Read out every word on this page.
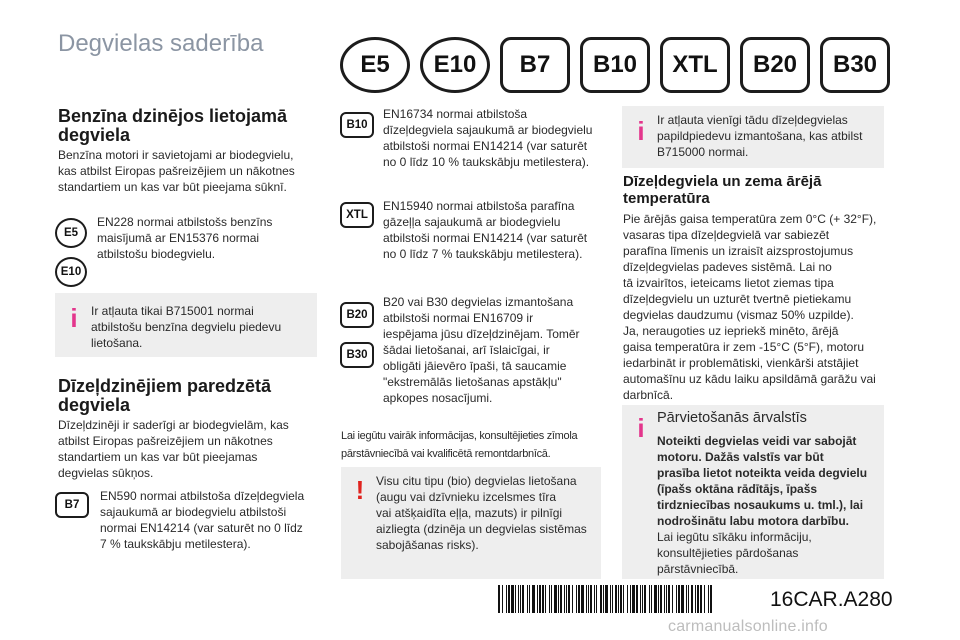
Degvielas saderība
E5	E10	B7	B10	XTL	B20	B30
Benzīna dzinējos lietojamā
degviela
Benzīna motori ir savietojami ar biodegvielu,
kas atbilst Eiropas pašreizējiem un nākotnes
standartiem un kas var būt pieejama sūknī.
E5
E10
EN228 normai atbilstošs benzīns
maisījumā ar EN15376 normai
atbilstošu biodegvielu.
i Ir atļauta tikai B715001 normai
atbilstošu benzīna degvielu piedevu
lietošana.
Dīzeļdzinējiem paredzētā
degviela
Dīzeļdzinēji ir saderīgi ar biodegvielām, kas
atbilst Eiropas pašreizējiem un nākotnes
standartiem un kas var būt pieejamas
degvielas sūkņos.
B7
EN590 normai atbilstoša dīzeļdegviela
sajaukumā ar biodegvielu atbilstoši
normai EN14214 (var saturēt no 0 līdz
7 % taukskābju metilestera).
B10
EN16734 normai atbilstoša
dīzeļdegviela sajaukumā ar biodegvielu
atbilstoši normai EN14214 (var saturēt
no 0 līdz 10 % taukskābju metilestera).
XTL
EN15940 normai atbilstoša parafīna
gāzeļļa sajaukumā ar biodegvielu
atbilstoši normai EN14214 (var saturēt
no 0 līdz 7 % taukskābju metilestera).
B20
B30
B20 vai B30 degvielas izmantošana
atbilstoši normai EN16709 ir
iespējama jūsu dīzeļdzinējam. Tomēr
šādai lietošanai, arī īslaicīgai, ir
obligāti jāievēro īpaši, tā saucamie
"ekstremālās lietošanas apstākļu"
apkopes nosacījumi.
Lai iegūtu vairāk informācijas, konsultējieties zīmola
pārstāvniecībā vai kvalificētā remontdarbnīcā.
! Visu citu tipu (bio) degvielas lietošana
(augu vai dzīvnieku izcelsmes tīra
vai atšķaidīta eļļa, mazuts) ir pilnīgi
aizliegta (dzinēja un degvielas sistēmas
sabojāšanas risks).
i Ir atļauta vienīgi tādu dīzeļdegvielas
papildpiedevu izmantošana, kas atbilst
B715000 normai.
Dīzeļdegviela un zema ārējā
temperatūra
Pie ārējās gaisa temperatūra zem 0°C (+ 32°F),
vasaras tipa dīzeļdegvielā var sabiezēt
parafīna līmenis un izraisīt aizsprostojumus
dīzeļdegvielas padeves sistēmā. Lai no
tā izvairītos, ieteicams lietot ziemas tipa
dīzeļdegvielu un uzturēt tvertnē pietiekamu
degvielas daudzumu (vismaz 50% uzpilde).
Ja, neraugoties uz iepriekš minēto, ārējā
gaisa temperatūra ir zem -15°C (5°F), motoru
iedarbināt ir problemātiski, vienkārši atstājiet
automašīnu uz kādu laiku apsildāmā garāžu vai
darbnīcā.
i Pārvietošanās ārvalstīs
Noteikti degvielas veidi var sabojāt
motoru. Dažās valstīs var būt
prasība lietot noteikta veida degvielu
(īpašs oktāna rādītājs, īpašs
tirdzniecības nosaukums u. tml.), lai
nodrošinātu labu motora darbību.
Lai iegūtu sīkāku informāciju,
konsultējieties pārdošanas
pārstāvniecībā.
16CAR.A280
carmanualsonline.info
